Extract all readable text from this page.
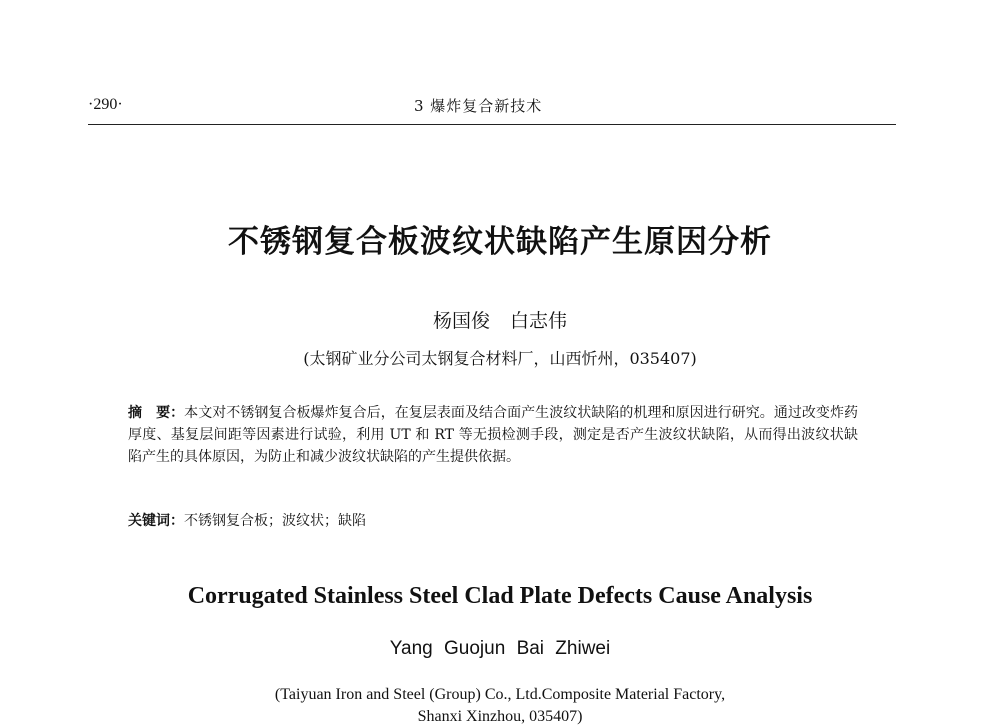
·290·	3 爆炸复合新技术
不锈钢复合板波纹状缺陷产生原因分析
杨国俊 白志伟
(太钢矿业分公司太钢复合材料厂，山西忻州，035407)
摘　要：本文对不锈钢复合板爆炸复合后，在复层表面及结合面产生波纹状缺陷的机理和原因进行研究。通过改变炸药厚度、基复层间距等因素进行试验，利用 UT 和 RT 等无损检测手段，测定是否产生波纹状缺陷，从而得出波纹状缺陷产生的具体原因，为防止和减少波纹状缺陷的产生提供依据。
关键词：不锈钢复合板；波纹状；缺陷
Corrugated Stainless Steel Clad Plate Defects Cause Analysis
Yang Guojun Bai Zhiwei
(Taiyuan Iron and Steel (Group) Co., Ltd.Composite Material Factory,
Shanxi Xinzhou, 035407)
